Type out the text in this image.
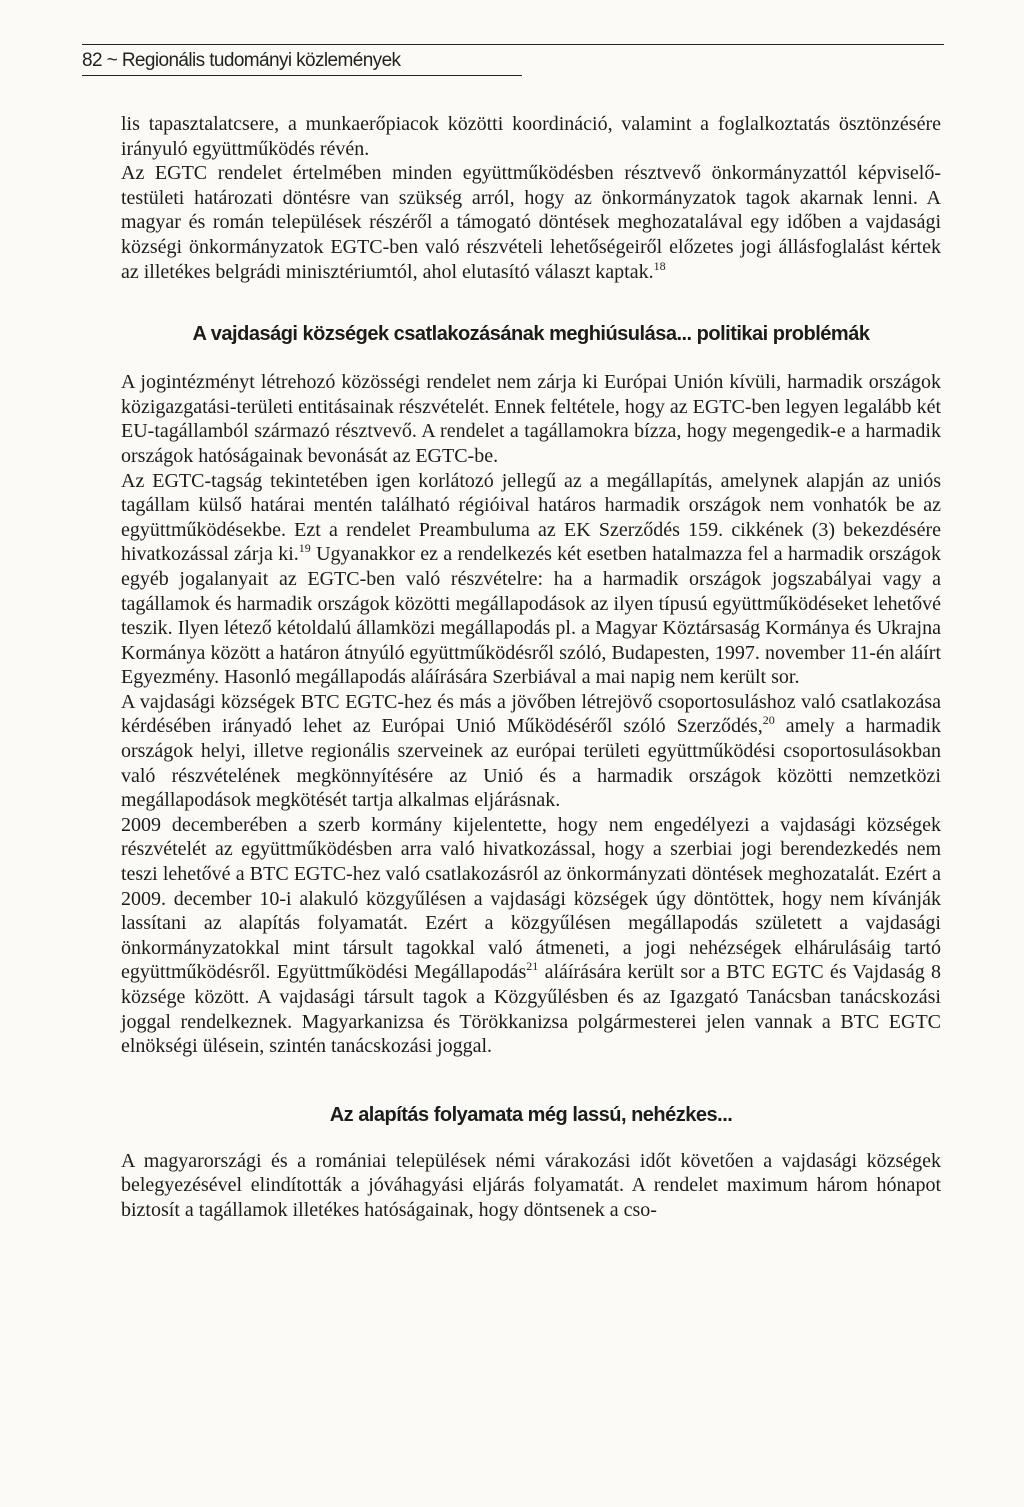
82 ~ Regionális tudományi közlemények

lis tapasztalatcsere, a munkaerőpiacok közötti koordináció, valamint a foglalkoztatás ösztönzésére irányuló együttműködés révén.

Az EGTC rendelet értelmében minden együttműködésben résztvevő önkormányzattól képviselő-testületi határozati döntésre van szükség arról, hogy az önkormányzatok tagok akarnak lenni. A magyar és román települések részéről a támogató döntések meghozatalával egy időben a vajdasági községi önkormányzatok EGTC-ben való részvételi lehetőségeiről előzetes jogi állásfoglalást kértek az illetékes belgrádi minisztériumtól, ahol elutasító választ kaptak.$^{18}$

A vajdasági községek csatlakozásának meghiúsulása... politikai problémák

A jogintézményt létrehozó közösségi rendelet nem zárja ki Európai Unión kívüli, harmadik országok közigazgatási-területi entitásainak részvételét. Ennek feltétele, hogy az EGTC-ben legyen legalább két EU-tagállamból származó résztvevő. A rendelet a tagállamokra bízza, hogy megengedik-e a harmadik országok hatóságainak bevonását az EGTC-be.

Az EGTC-tagság tekintetében igen korlátozó jellegű az a megállapítás, amelynek alapján az uniós tagállam külső határai mentén található régióival határos harmadik országok nem vonhatók be az együttműködésekbe. Ezt a rendelet Preambuluma az EK Szerződés 159. cikkének (3) bekezdésére hivatkozással zárja ki.$^{19}$ Ugyanakkor ez a rendelkezés két esetben hatalmazza fel a harmadik országok egyéb jogalanyait az EGTC-ben való részvételre: ha a harmadik országok jogszabályai vagy a tagállamok és harmadik országok közötti megállapodások az ilyen típusú együttműködéseket lehetővé teszik. Ilyen létező kétoldalú államközi megállapodás pl. a Magyar Köztársaság Kormánya és Ukrajna Kormánya között a határon átnyúló együttműködésről szóló, Budapesten, 1997. november 11-én aláírt Egyezmény. Hasonló megállapodás aláírására Szerbiával a mai napig nem került sor.

A vajdasági községek BTC EGTC-hez és más a jövőben létrejövő csoportosuláshoz való csatlakozása kérdésében irányadó lehet az Európai Unió Működéséről szóló Szerződés,$^{20}$ amely a harmadik országok helyi, illetve regionális szerveinek az európai területi együttműködési csoportosulásokban való részvételének megkönnyítésére az Unió és a harmadik országok közötti nemzetközi megállapodások megkötését tartja alkalmas eljárásnak.

2009 decemberében a szerb kormány kijelentette, hogy nem engedélyezi a vajdasági községek részvételét az együttműködésben arra való hivatkozással, hogy a szerbiai jogi berendezkedés nem teszi lehetővé a BTC EGTC-hez való csatlakozásról az önkormányzati döntések meghozatalát. Ezért a 2009. december 10-i alakuló közgyűlésen a vajdasági községek úgy döntöttek, hogy nem kívánják lassítani az alapítás folyamatát. Ezért a közgyűlésen megállapodás született a vajdasági önkormányzatokkal mint társult tagokkal való átmeneti, a jogi nehézségek elhárulásáig tartó együttműködésről. Együttműködési Megállapodás$^{21}$ aláírására került sor a BTC EGTC és Vajdaság 8 községe között. A vajdasági társult tagok a Közgyűlésben és az Igazgató Tanácsban tanácskozási joggal rendelkeznek. Magyarkanizsa és Törökkanizsa polgármesterei jelen vannak a BTC EGTC elnökségi ülésein, szintén tanácskozási joggal.

Az alapítás folyamata még lassú, nehézkes...

A magyarországi és a romániai települések némi várakozási időt követően a vajdasági községek belegyezésével elindították a jóváhagyási eljárás folyamatát. A rendelet maximum három hónapot biztosít a tagállamok illetékes hatóságainak, hogy döntsenek a cso-
